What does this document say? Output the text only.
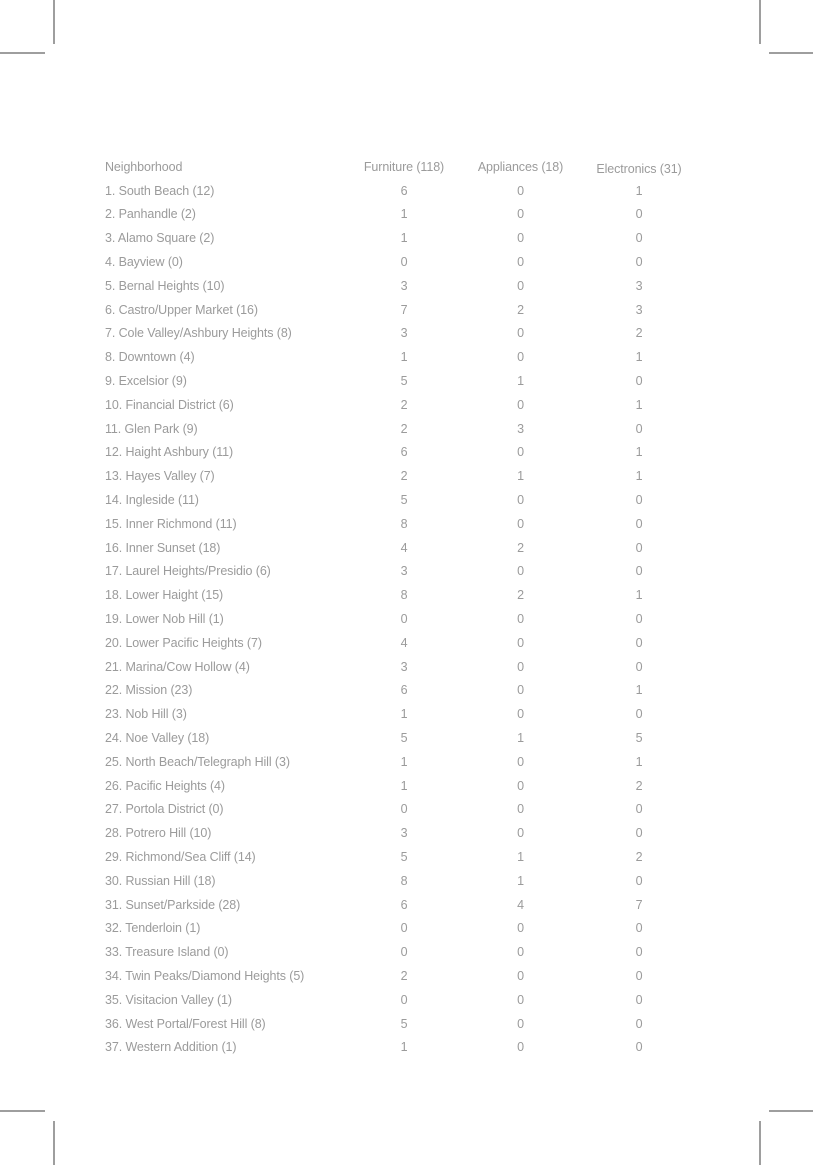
Neighborhood	Furniture (118)	Appliances (18)	Electronics (31)
1. South Beach (12)	6	0	1
2. Panhandle (2)	1	0	0
3. Alamo Square (2)	1	0	0
4. Bayview (0)	0	0	0
5. Bernal Heights (10)	3	0	3
6. Castro/Upper Market (16)	7	2	3
7. Cole Valley/Ashbury Heights (8)	3	0	2
8. Downtown (4)	1	0	1
9. Excelsior (9)	5	1	0
10. Financial District (6)	2	0	1
11. Glen Park (9)	2	3	0
12. Haight Ashbury (11)	6	0	1
13. Hayes Valley (7)	2	1	1
14. Ingleside (11)	5	0	0
15. Inner Richmond (11)	8	0	0
16. Inner Sunset (18)	4	2	0
17. Laurel Heights/Presidio (6)	3	0	0
18. Lower Haight (15)	8	2	1
19. Lower Nob Hill (1)	0	0	0
20. Lower Pacific Heights (7)	4	0	0
21. Marina/Cow Hollow (4)	3	0	0
22. Mission (23)	6	0	1
23. Nob Hill (3)	1	0	0
24. Noe Valley (18)	5	1	5
25. North Beach/Telegraph Hill (3)	1	0	1
26. Pacific Heights (4)	1	0	2
27. Portola District (0)	0	0	0
28. Potrero Hill (10)	3	0	0
29. Richmond/Sea Cliff (14)	5	1	2
30. Russian Hill (18)	8	1	0
31. Sunset/Parkside (28)	6	4	7
32. Tenderloin (1)	0	0	0
33. Treasure Island (0)	0	0	0
34. Twin Peaks/Diamond Heights (5)	2	0	0
35. Visitacion Valley (1)	0	0	0
36. West Portal/Forest Hill (8)	5	0	0
37. Western Addition (1)	1	0	0
